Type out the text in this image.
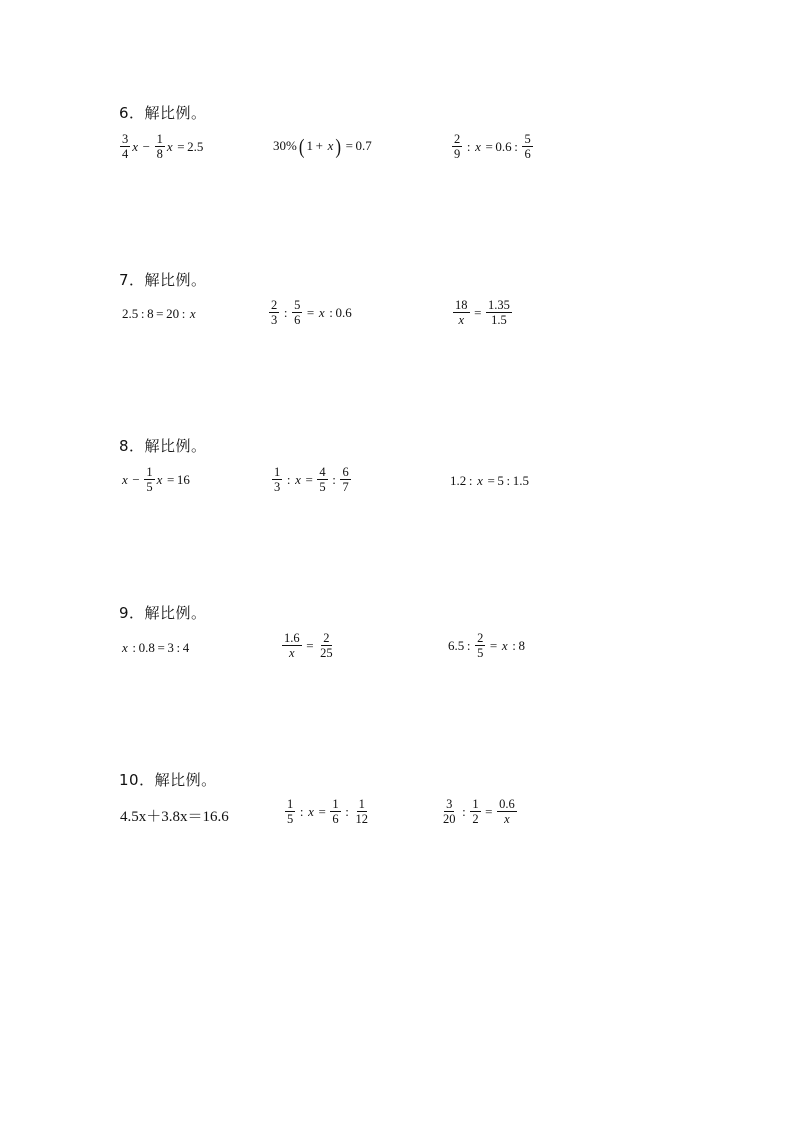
6．解比例。
$\frac{3}{4}$ $x - \frac{1}{8}$ x  = 2.5	30% ( 1 +  x )  = 0.7	$\frac{2}{9}$  :  x  = 0.6 :  $\frac{5}{6}$
7．解比例。
2.5 : 8 = 20 :  x	$\frac{2}{3}$  :  $\frac{5}{6} = x$  : 0.6	$\frac{18}{x} = \frac{1.35}{1.5}$
8．解比例。
$x - \frac{1}{5}$ x  = 16	$\frac{1}{3}$  :  $x = \frac{4}{5}$  :  $\frac{6}{7}$	1.2 :  x  = 5 : 1.5
9．解比例。
x  : 0.8 = 3 : 4	$\frac{1.6}{x} = \frac{2}{25}$	6.5 :  $\frac{2}{5} = x$  : 8
10．解比例。
4.5x＋3.8x＝16.6	$\frac{1}{5}$  :  $x = \frac{1}{6}$  :  $\frac{1}{12}$	$\frac{3}{20}$  :  $\frac{1}{2} = \frac{0.6}{x}$
